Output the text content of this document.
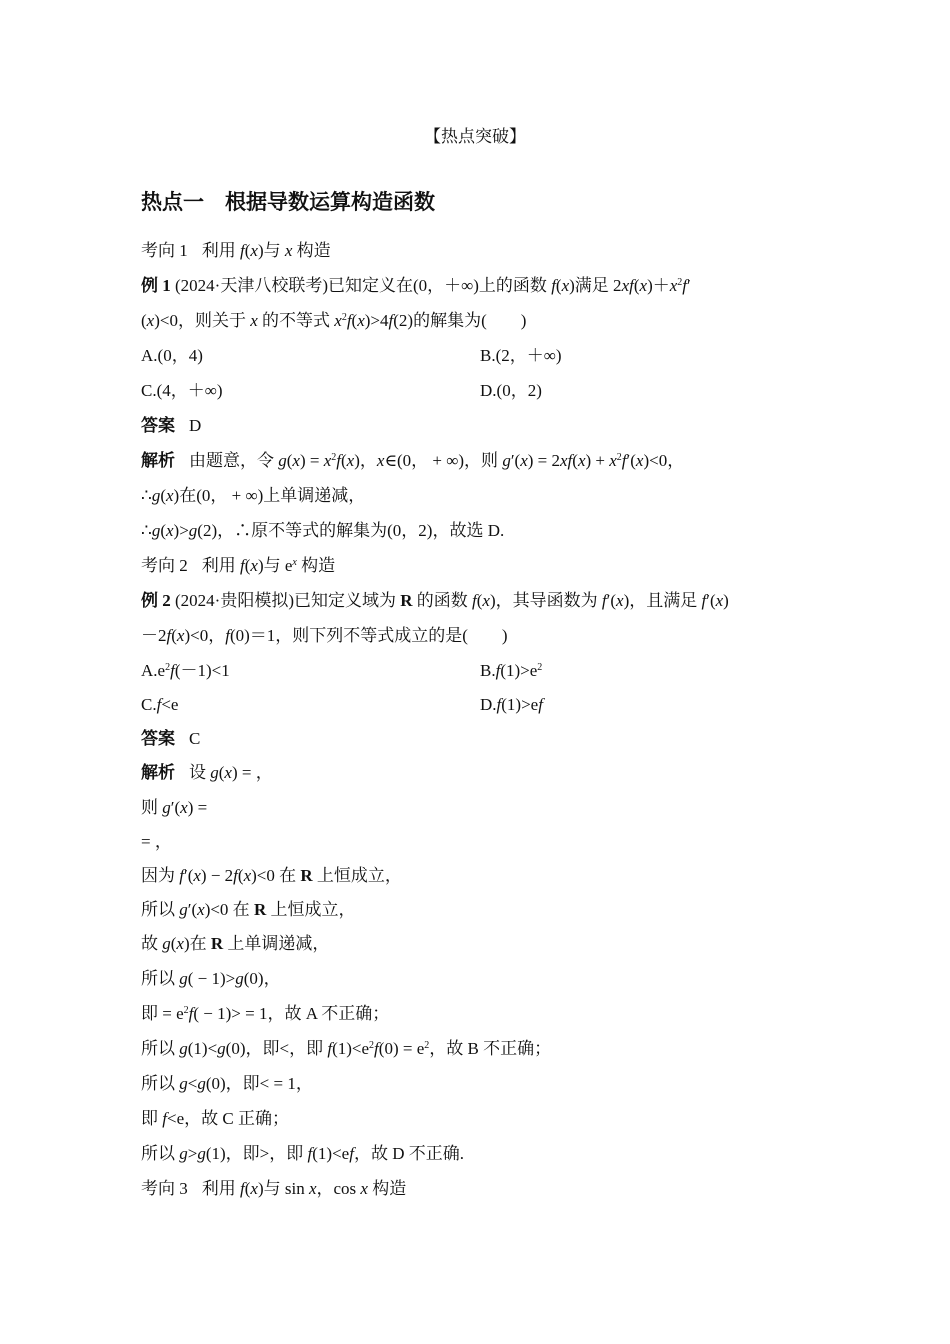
【热点突破】
热点一　根据导数运算构造函数
考向 1 利用 f(x)与 x 构造
例 1 (2024·天津八校联考)已知定义在(0，＋∞)上的函数 f(x)满足 $2xf(x)+x^2f'$
(x)<0，则关于 x 的不等式 $x^2f(x)>4f(2)$的解集为(　　)
A.(0，4)	B.(2，＋∞)
C.(4，＋∞)	D.(0，2)
答案 D
解析 由题意，令 $g(x) = x^2f(x)$，x∈(0， + ∞)，则 $g'(x) = 2xf(x) + x^2f'(x)<0$，
∴g(x)在(0， + ∞)上单调递减，
∴g(x)>g(2)，∴原不等式的解集为(0，2)，故选 D.
考向 2 利用 f(x)与 $e^x$ 构造
例 2 (2024·贵阳模拟)已知定义域为 R 的函数 f(x)，其导函数为 f′(x)，且满足 f′(x)
－2f(x)<0，f(0)＝1，则下列不等式成立的是(　　)
$A.e^2f(-1)<1$	$B.f(1)>e^2$
C.f<e	D.f(1)>ef
答案 C
解析 设 g(x) = ，
则 g′(x) =
= ，
因为 f′(x) − 2f(x)<0 在 R 上恒成立，
所以 g′(x)<0 在 R 上恒成立，
故 g(x)在 R 上单调递减，
所以 g( − 1)>g(0)，
即 = $e^2f( - 1)> = 1$，故 A 不正确；
所以 g(1)<g(0)，即<，即 $f(1)<e^2f(0) = e^2$，故 B 不正确；
所以 g<g(0)，即< = 1，
即 f<e，故 C 正确；
所以 g>g(1)，即>，即 f(1)<ef，故 D 不正确.
考向 3 利用 f(x)与 sin x，cos x 构造
